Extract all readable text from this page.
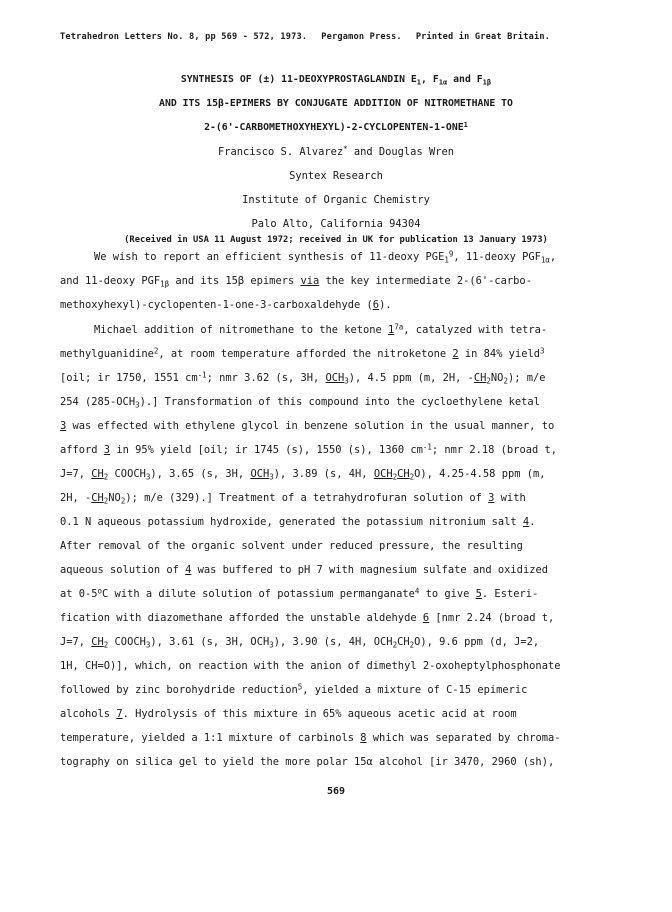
Tetrahedron Letters No. 8, pp 569 - 572, 1973. Pergamon Press. Printed in Great Britain.
SYNTHESIS OF (±) 11-DEOXYPROSTAGLANDIN $E_1$, $F_{1\alpha}$ and $F_{1\beta}$
AND ITS 15β-EPIMERS BY CONJUGATE ADDITION OF NITROMETHANE TO
2-(6'-CARBOMETHOXYHEXYL)-2-CYCLOPENTEN-1-ONE$^1$
Francisco S. Alvarez* and Douglas Wren
Syntex Research
Institute of Organic Chemistry
Palo Alto, California 94304
(Received in USA 11 August 1972; received in UK for publication 13 January 1973)
We wish to report an efficient synthesis of 11-deoxy $PGE_1^9$, 11-deoxy $PGF_{1\alpha}$,
and 11-deoxy $PGF_{1\beta}$ and its 15β epimers via the key intermediate 2-(6'-carbo-
methoxyhexyl)-cyclopenten-1-one-3-carboxaldehyde (6).
Michael addition of nitromethane to the ketone $1^{7a}$, catalyzed with tetra-
methylguanidine$^2$, at room temperature afforded the nitroketone 2 in 84% yield$^3$
[oil; ir 1750, 1551 $cm^{-1}$; nmr 3.62 (s, 3H, $OCH_3$), 4.5 ppm (m, 2H, $-CH_2NO_2$); m/e
254 $(285-OCH_3)$.] Transformation of this compound into the cycloethylene ketal
3 was effected with ethylene glycol in benzene solution in the usual manner, to
afford 3 in 95% yield [oil; ir 1745 (s), 1550 (s), 1360 $cm^{-1}$; nmr 2.18 (broad t,
J=7, $CH_2$ $COOCH_3$), 3.65 (s, 3H, $OCH_3$), 3.89 (s, 4H, $OCH_2CH_2O$), 4.25-4.58 ppm (m,
2H, $-CH_2NO_2$); m/e (329).] Treatment of a tetrahydrofuran solution of 3 with
0.1 N aqueous potassium hydroxide, generated the potassium nitronium salt 4.
After removal of the organic solvent under reduced pressure, the resulting
aqueous solution of 4 was buffered to pH 7 with magnesium sulfate and oxidized
at 0-5$^o$C with a dilute solution of potassium permanganate$^4$ to give 5. Esteri-
fication with diazomethane afforded the unstable aldehyde 6 [nmr 2.24 (broad t,
J=7, $CH_2$ $COOCH_3$), 3.61 (s, 3H, $OCH_3$), 3.90 (s, 4H, $OCH_2CH_2O$), 9.6 ppm (d, J=2,
1H, CH=O)], which, on reaction with the anion of dimethyl 2-oxoheptylphosphonate
followed by zinc borohydride reduction$^5$, yielded a mixture of C-15 epimeric
alcohols 7. Hydrolysis of this mixture in 65% aqueous acetic acid at room
temperature, yielded a 1:1 mixture of carbinols 8 which was separated by chroma-
tography on silica gel to yield the more polar 15α alcohol [ir 3470, 2960 (sh),
569
